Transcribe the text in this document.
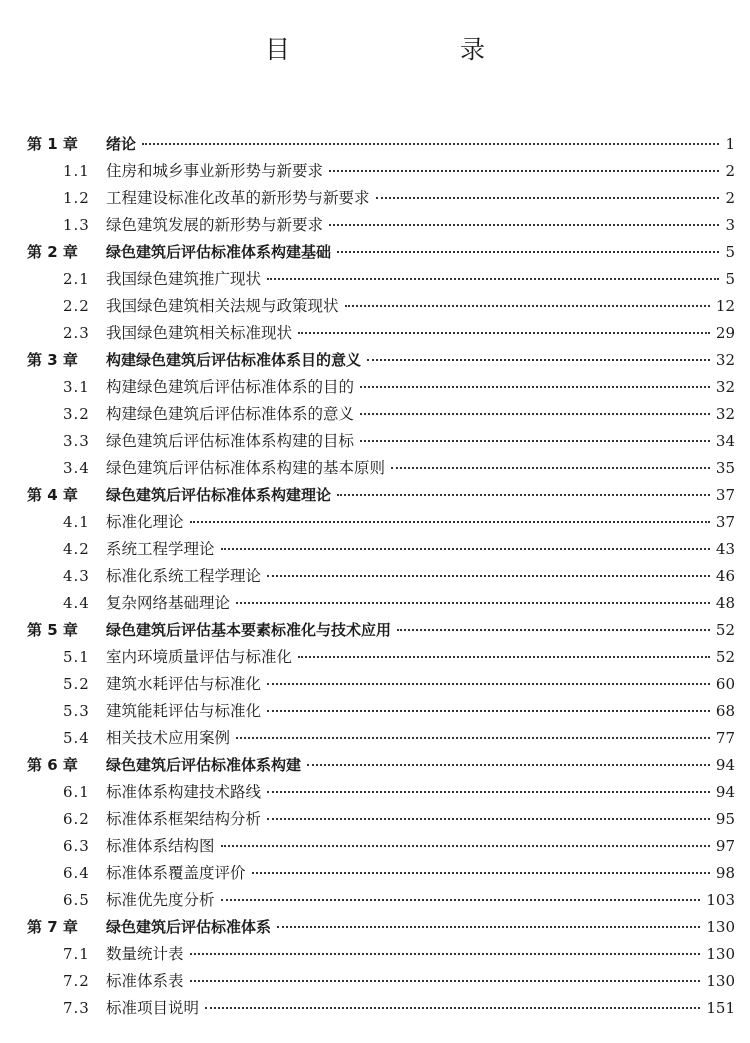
目　　录
第 1 章	绪论	1
1.1	住房和城乡事业新形势与新要求	2
1.2	工程建设标准化改革的新形势与新要求	2
1.3	绿色建筑发展的新形势与新要求	3
第 2 章	绿色建筑后评估标准体系构建基础	5
2.1	我国绿色建筑推广现状	5
2.2	我国绿色建筑相关法规与政策现状	12
2.3	我国绿色建筑相关标准现状	29
第 3 章	构建绿色建筑后评估标准体系目的意义	32
3.1	构建绿色建筑后评估标准体系的目的	32
3.2	构建绿色建筑后评估标准体系的意义	32
3.3	绿色建筑后评估标准体系构建的目标	34
3.4	绿色建筑后评估标准体系构建的基本原则	35
第 4 章	绿色建筑后评估标准体系构建理论	37
4.1	标准化理论	37
4.2	系统工程学理论	43
4.3	标准化系统工程学理论	46
4.4	复杂网络基础理论	48
第 5 章	绿色建筑后评估基本要素标准化与技术应用	52
5.1	室内环境质量评估与标准化	52
5.2	建筑水耗评估与标准化	60
5.3	建筑能耗评估与标准化	68
5.4	相关技术应用案例	77
第 6 章	绿色建筑后评估标准体系构建	94
6.1	标准体系构建技术路线	94
6.2	标准体系框架结构分析	95
6.3	标准体系结构图	97
6.4	标准体系覆盖度评价	98
6.5	标准优先度分析	103
第 7 章	绿色建筑后评估标准体系	130
7.1	数量统计表	130
7.2	标准体系表	130
7.3	标准项目说明	151
